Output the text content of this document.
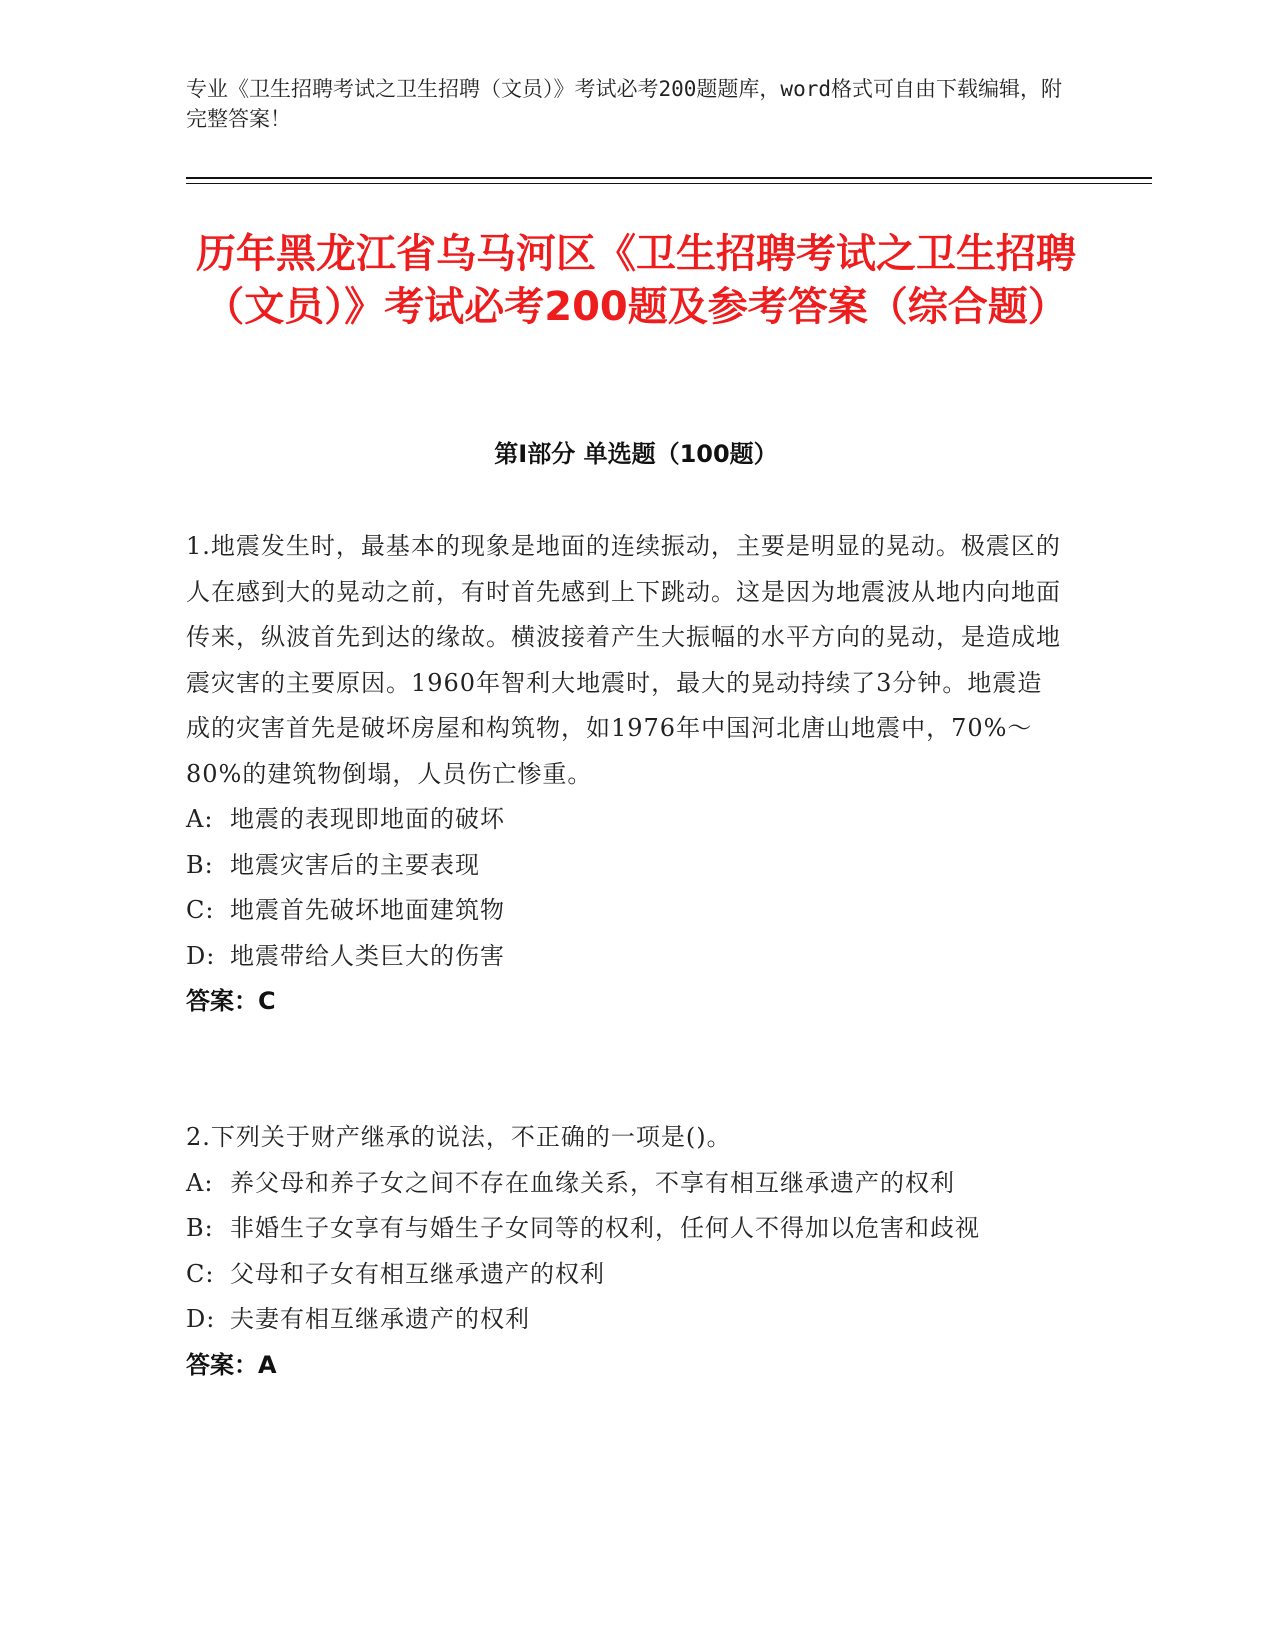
专业《卫生招聘考试之卫生招聘（文员）》考试必考200题题库，word格式可自由下载编辑，附完整答案！
历年黑龙江省乌马河区《卫生招聘考试之卫生招聘（文员）》考试必考200题及参考答案（综合题）
第Ⅰ部分 单选题（100题）

1.地震发生时，最基本的现象是地面的连续振动，主要是明显的晃动。极震区的人在感到大的晃动之前，有时首先感到上下跳动。这是因为地震波从地内向地面传来，纵波首先到达的缘故。横波接着产生大振幅的水平方向的晃动，是造成地震灾害的主要原因。1960年智利大地震时，最大的晃动持续了3分钟。地震造成的灾害首先是破坏房屋和构筑物，如1976年中国河北唐山地震中，70%～80%的建筑物倒塌，人员伤亡惨重。

A: 地震的表现即地面的破坏

B: 地震灾害后的主要表现

C: 地震首先破坏地面建筑物

D: 地震带给人类巨大的伤害

答案：C

2.下列关于财产继承的说法，不正确的一项是()。

A: 养父母和养子女之间不存在血缘关系，不享有相互继承遗产的权利

B: 非婚生子女享有与婚生子女同等的权利，任何人不得加以危害和歧视

C: 父母和子女有相互继承遗产的权利

D: 夫妻有相互继承遗产的权利

答案：A
